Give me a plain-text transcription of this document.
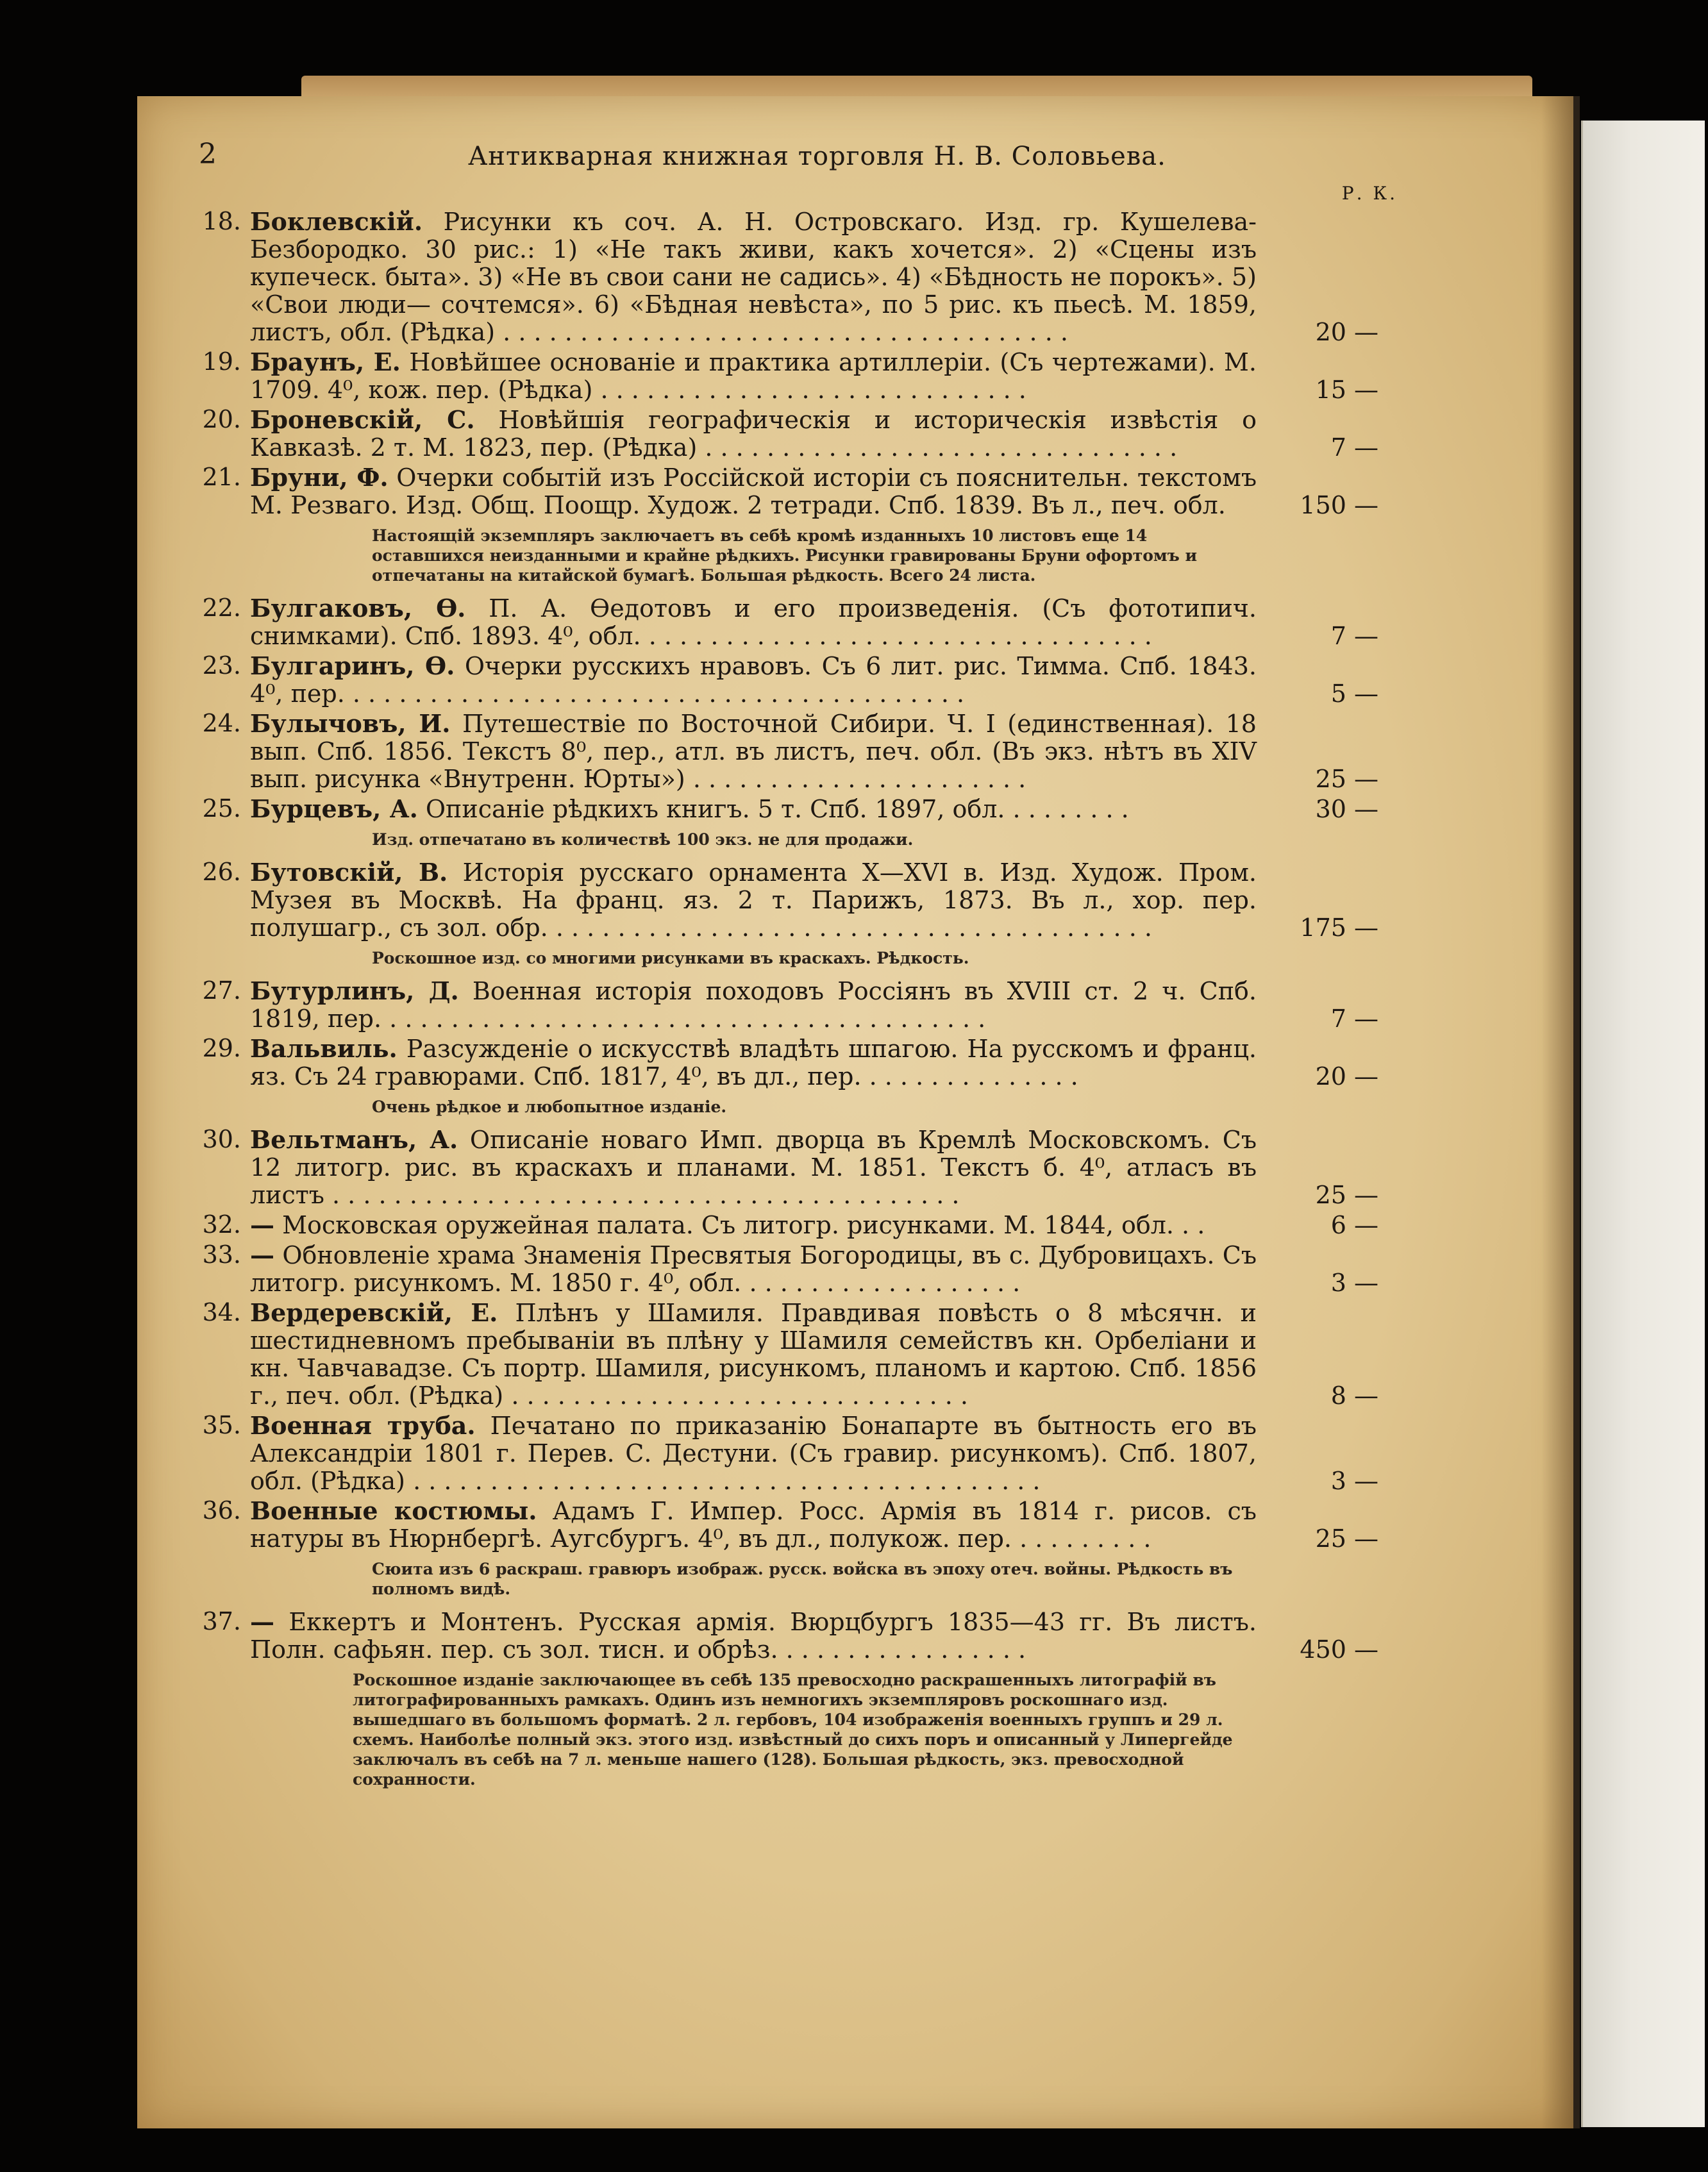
2	Антикварная книжная торговля Н. В. Соловьева.
Р. К.
18. Боклевскій. Рисунки къ соч. А. Н. Островскаго. Изд. гр. Кушелева-Безбородко. 30 рис.: 1) «Не такъ живи, какъ хочется». 2) «Сцены изъ купеческ. быта». 3) «Не въ свои сани не садись». 4) «Бѣдность не порокъ». 5) «Свои люди— сочтемся». 6) «Бѣдная невѣста», по 5 рис. къ пьесѣ. М. 1859, листъ, обл. (Рѣдка) . . . . . . . . . . . . . . . . . . . . . . . . . . . . . . . . . . . . .	20 —
19. Браунъ, Е. Новѣйшее основаніе и практика артиллеріи. (Съ чертежами). М. 1709. 4⁰, кож. пер. (Рѣдка) . . . . . . . . . . . . . . . . . . . . . . . . . . . .	15 —
20. Броневскій, С. Новѣйшія географическія и историческія извѣстія о Кавказѣ. 2 т. М. 1823, пер. (Рѣдка) . . . . . . . . . . . . . . . . . . . . . . . . . . . . . . .	7 —
21. Бруни, Ф. Очерки событій изъ Россійской исторіи съ пояснительн. текстомъ М. Резваго. Изд. Общ. Поощр. Худож. 2 тетради. Спб. 1839. Въ л., печ. обл.	150 —
Настоящій экземпляръ заключаетъ въ себѣ кромѣ изданныхъ 10 листовъ еще 14 оставшихся неизданными и крайне рѣдкихъ. Рисунки гравированы Бруни офортомъ и отпечатаны на китайской бумагѣ. Большая рѣдкость. Всего 24 листа.
22. Булгаковъ, Ѳ. П. А. Ѳедотовъ и его произведенія. (Съ фототипич. снимками). Спб. 1893. 4⁰, обл. . . . . . . . . . . . . . . . . . . . . . . . . . . . . . . . . .	7 —
23. Булгаринъ, Ѳ. Очерки русскихъ нравовъ. Съ 6 лит. рис. Тимма. Спб. 1843. 4⁰, пер. . . . . . . . . . . . . . . . . . . . . . . . . . . . . . . . . . . . . . . . .	5 —
24. Булычовъ, И. Путешествіе по Восточной Сибири. Ч. I (единственная). 18 вып. Спб. 1856. Текстъ 8⁰, пер., атл. въ листъ, печ. обл. (Въ экз. нѣтъ въ XIV вып. рисунка «Внутренн. Юрты») . . . . . . . . . . . . . . . . . . . . . .	25 —
25. Бурцевъ, А. Описаніе рѣдкихъ книгъ. 5 т. Спб. 1897, обл. . . . . . . . .	30 —
Изд. отпечатано въ количествѣ 100 экз. не для продажи.
26. Бутовскій, В. Исторія русскаго орнамента X—XVI в. Изд. Худож. Пром. Музея въ Москвѣ. На франц. яз. 2 т. Парижъ, 1873. Въ л., хор. пер. полушагр., съ зол. обр. . . . . . . . . . . . . . . . . . . . . . . . . . . . . . . . . . . . . . . .	175 —
Роскошное изд. со многими рисунками въ краскахъ. Рѣдкость.
27. Бутурлинъ, Д. Военная исторія походовъ Россіянъ въ XVIII ст. 2 ч. Спб. 1819, пер. . . . . . . . . . . . . . . . . . . . . . . . . . . . . . . . . . . . . . . .	7 —
29. Вальвиль. Разсужденіе о искусствѣ владѣть шпагою. На русскомъ и франц. яз. Съ 24 гравюрами. Спб. 1817, 4⁰, въ дл., пер. . . . . . . . . . . . . . .	20 —
Очень рѣдкое и любопытное изданіе.
30. Вельтманъ, А. Описаніе новаго Имп. дворца въ Кремлѣ Московскомъ. Съ 12 литогр. рис. въ краскахъ и планами. М. 1851. Текстъ б. 4⁰, атласъ въ листъ . . . . . . . . . . . . . . . . . . . . . . . . . . . . . . . . . . . . . . . . .	25 —
32. — Московская оружейная палата. Съ литогр. рисунками. М. 1844, обл. . .	6 —
33. — Обновленіе храма Знаменія Пресвятыя Богородицы, въ с. Дубровицахъ. Съ литогр. рисункомъ. М. 1850 г. 4⁰, обл. . . . . . . . . . . . . . . . . . .	3 —
34. Вердеревскій, Е. Плѣнъ у Шамиля. Правдивая повѣсть о 8 мѣсячн. и шестидневномъ пребываніи въ плѣну у Шамиля семействъ кн. Орбеліани и кн. Чавчавадзе. Съ портр. Шамиля, рисункомъ, планомъ и картою. Спб. 1856 г., печ. обл. (Рѣдка) . . . . . . . . . . . . . . . . . . . . . . . . . . . . . .	8 —
35. Военная труба. Печатано по приказанію Бонапарте въ бытность его въ Александріи 1801 г. Перев. С. Дестуни. (Съ гравир. рисункомъ). Спб. 1807, обл. (Рѣдка) . . . . . . . . . . . . . . . . . . . . . . . . . . . . . . . . . . . . . . . . .	3 —
36. Военные костюмы. Адамъ Г. Импер. Росс. Армія въ 1814 г. рисов. съ натуры въ Нюрнбергѣ. Аугсбургъ. 4⁰, въ дл., полукож. пер. . . . . . . . . .	25 —
Сюита изъ 6 раскраш. гравюръ изображ. русск. войска въ эпоху отеч. войны. Рѣдкость въ полномъ видѣ.
37. — Еккертъ и Монтенъ. Русская армія. Вюрцбургъ 1835—43 гг. Въ листъ. Полн. сафьян. пер. съ зол. тисн. и обрѣз. . . . . . . . . . . . . . . . .	450 —
Роскошное изданіе заключающее въ себѣ 135 превосходно раскрашенныхъ литографій въ литографированныхъ рамкахъ. Одинъ изъ немногихъ экземпляровъ роскошнаго изд. вышедшаго въ большомъ форматѣ. 2 л. гербовъ, 104 изображенія военныхъ группъ и 29 л. схемъ. Наиболѣе полный экз. этого изд. извѣстный до сихъ поръ и описанный у Липергейде заключалъ въ себѣ на 7 л. меньше нашего (128). Большая рѣдкость, экз. превосходной сохранности.
